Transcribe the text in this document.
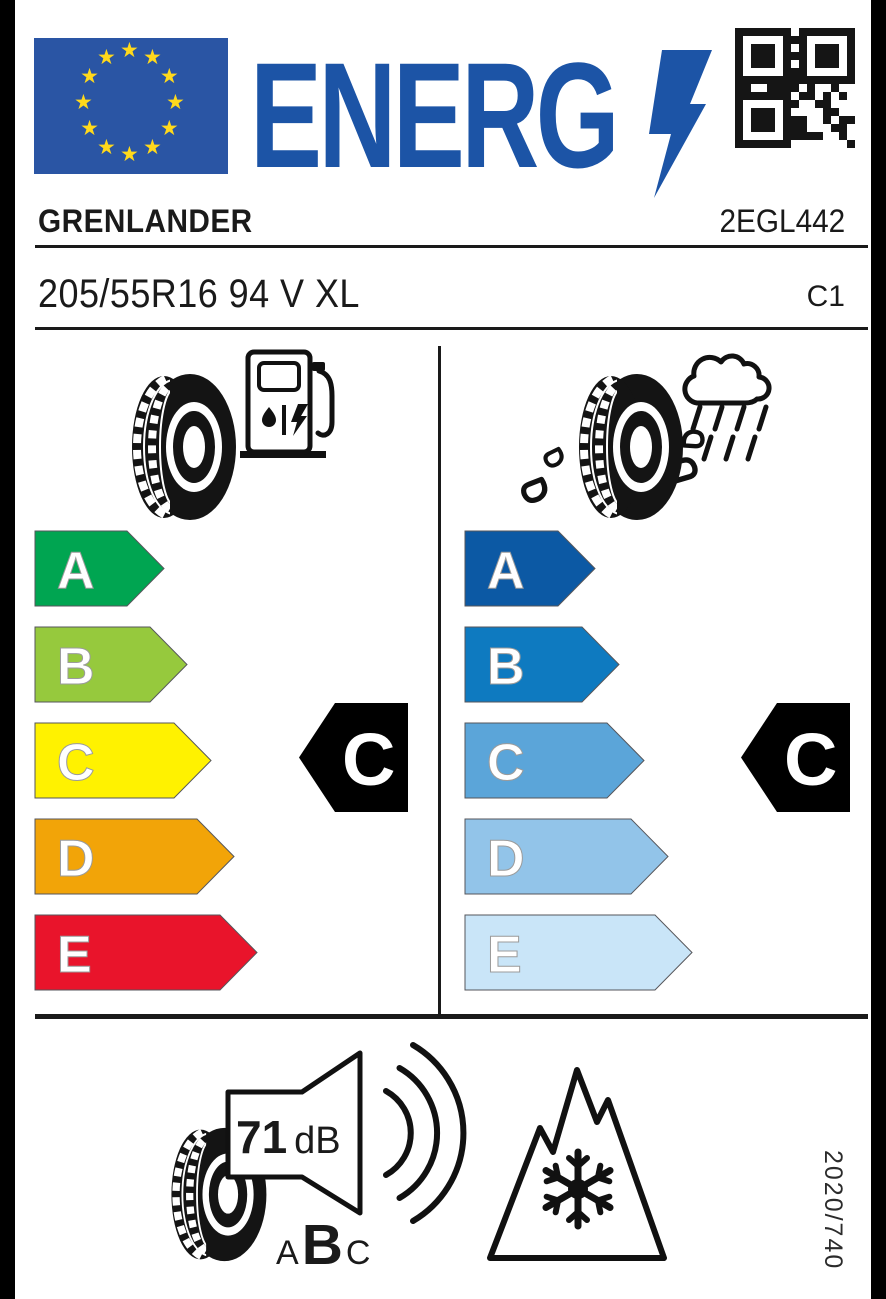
★ ★
★
★
★
★
★
★
★
★
★
★ ENERG
GRENLANDER	2EGL442
205/55R16 94 V XL	C1
A
B
C
D
E
C
A
B
C
D
E
C
71 dB
A B C	2020/740
